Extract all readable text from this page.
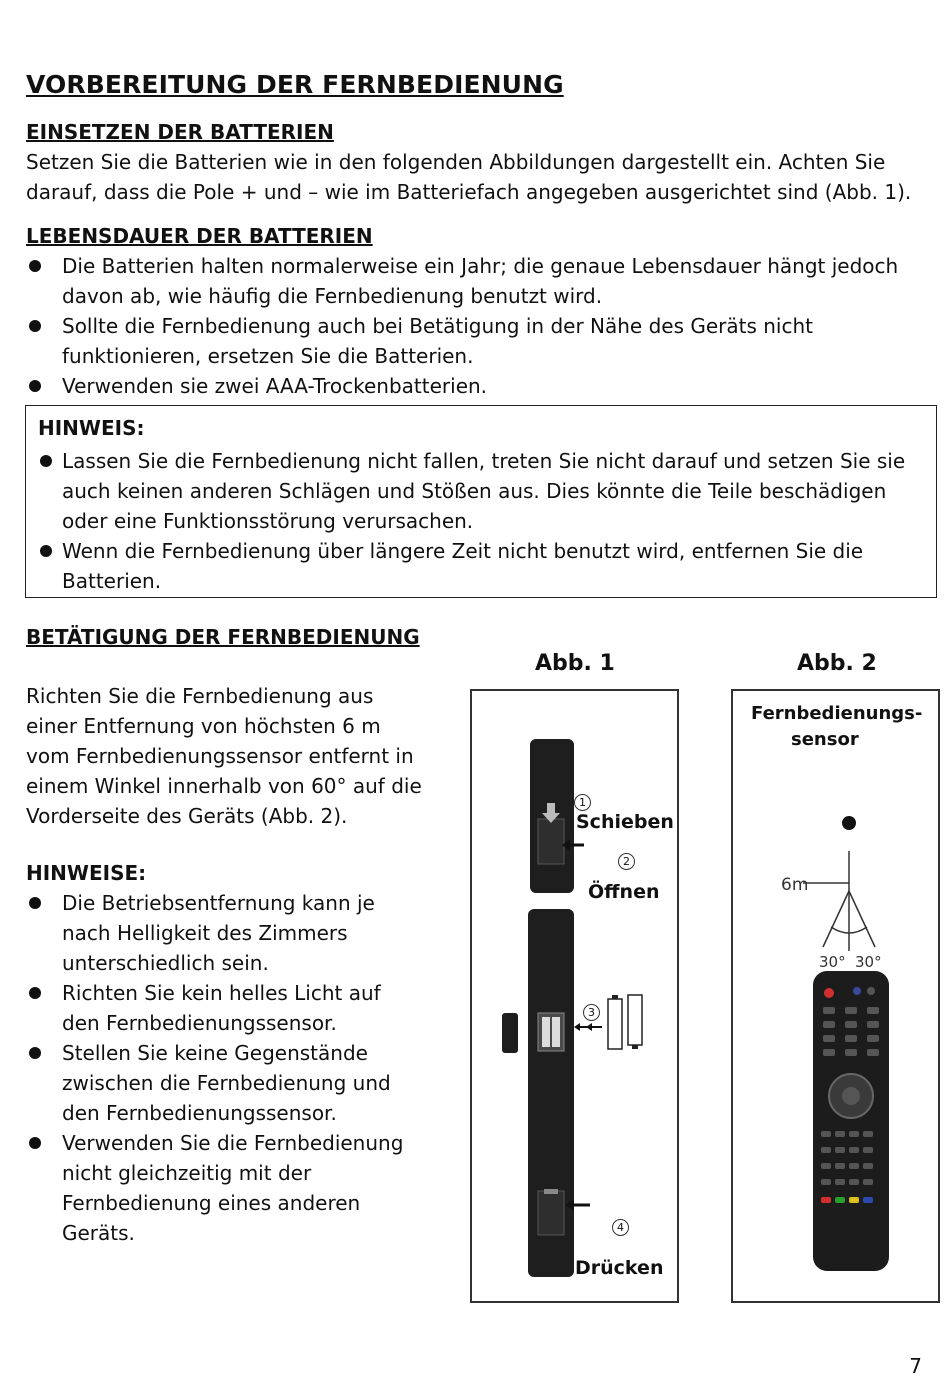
VORBEREITUNG DER FERNBEDIENUNG
EINSETZEN DER BATTERIEN
Setzen Sie die Batterien wie in den folgenden Abbildungen dargestellt ein. Achten Sie
darauf, dass die Pole + und – wie im Batteriefach angegeben ausgerichtet sind (Abb. 1).
LEBENSDAUER DER BATTERIEN
Die Batterien halten normalerweise ein Jahr; die genaue Lebensdauer hängt jedoch
davon ab, wie häufig die Fernbedienung benutzt wird.
Sollte die Fernbedienung auch bei Betätigung in der Nähe des Geräts nicht
funktionieren, ersetzen Sie die Batterien.
Verwenden sie zwei AAA-Trockenbatterien.
HINWEIS:
Lassen Sie die Fernbedienung nicht fallen, treten Sie nicht darauf und setzen Sie sie
auch keinen anderen Schlägen und Stößen aus. Dies könnte die Teile beschädigen
oder eine Funktionsstörung verursachen.
Wenn die Fernbedienung über längere Zeit nicht benutzt wird, entfernen Sie die
Batterien.
BETÄTIGUNG DER FERNBEDIENUNG
Richten Sie die Fernbedienung aus
einer Entfernung von höchsten 6 m
vom Fernbedienungssensor entfernt in
einem Winkel innerhalb von 60° auf die
Vorderseite des Geräts (Abb. 2).
HINWEISE:
Die Betriebsentfernung kann je
nach Helligkeit des Zimmers
unterschiedlich sein.
Richten Sie kein helles Licht auf
den Fernbedienungssensor.
Stellen Sie keine Gegenstände
zwischen die Fernbedienung und
den Fernbedienungssensor.
Verwenden Sie die Fernbedienung
nicht gleichzeitig mit der
Fernbedienung eines anderen
Geräts.
Abb. 1	Abb. 2
1
2
3
4
Schieben
Öffnen
Drücken
Fernbedienungs-
sensor
6m
30° 30°
7
